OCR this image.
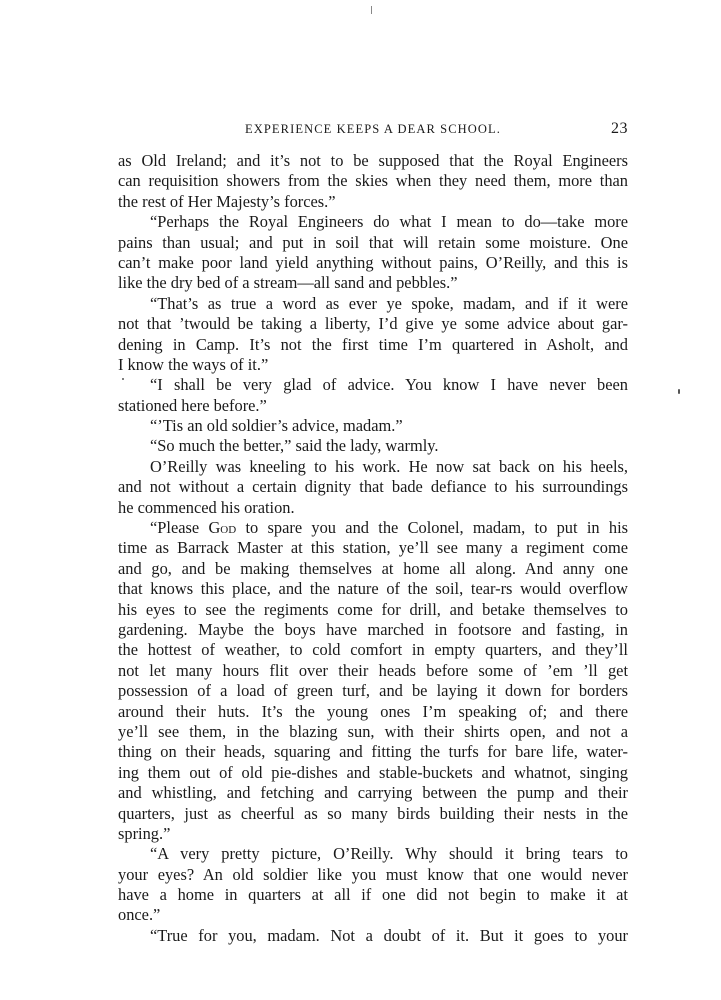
EXPERIENCE KEEPS A DEAR SCHOOL.	23
as Old Ireland; and it’s not to be supposed that the Royal Engineers
can requisition showers from the skies when they need them, more than
the rest of Her Majesty’s forces.”
“Perhaps the Royal Engineers do what I mean to do—take more
pains than usual; and put in soil that will retain some moisture. One
can’t make poor land yield anything without pains, O’Reilly, and this is
like the dry bed of a stream—all sand and pebbles.”
“That’s as true a word as ever ye spoke, madam, and if it were
not that ’twould be taking a liberty, I’d give ye some advice about gar-
dening in Camp. It’s not the first time I’m quartered in Asholt, and
I know the ways of it.”
“I shall be very glad of advice. You know I have never been
stationed here before.”
“’Tis an old soldier’s advice, madam.”
“So much the better,” said the lady, warmly.
O’Reilly was kneeling to his work. He now sat back on his heels,
and not without a certain dignity that bade defiance to his surroundings
he commenced his oration.
“Please God to spare you and the Colonel, madam, to put in his
time as Barrack Master at this station, ye’ll see many a regiment come
and go, and be making themselves at home all along. And anny one
that knows this place, and the nature of the soil, tear-rs would overflow
his eyes to see the regiments come for drill, and betake themselves to
gardening. Maybe the boys have marched in footsore and fasting, in
the hottest of weather, to cold comfort in empty quarters, and they’ll
not let many hours flit over their heads before some of ’em ’ll get
possession of a load of green turf, and be laying it down for borders
around their huts. It’s the young ones I’m speaking of; and there
ye’ll see them, in the blazing sun, with their shirts open, and not a
thing on their heads, squaring and fitting the turfs for bare life, water-
ing them out of old pie-dishes and stable-buckets and whatnot, singing
and whistling, and fetching and carrying between the pump and their
quarters, just as cheerful as so many birds building their nests in the
spring.”
“A very pretty picture, O’Reilly. Why should it bring tears to
your eyes? An old soldier like you must know that one would never
have a home in quarters at all if one did not begin to make it at
once.”
“True for you, madam. Not a doubt of it. But it goes to your
